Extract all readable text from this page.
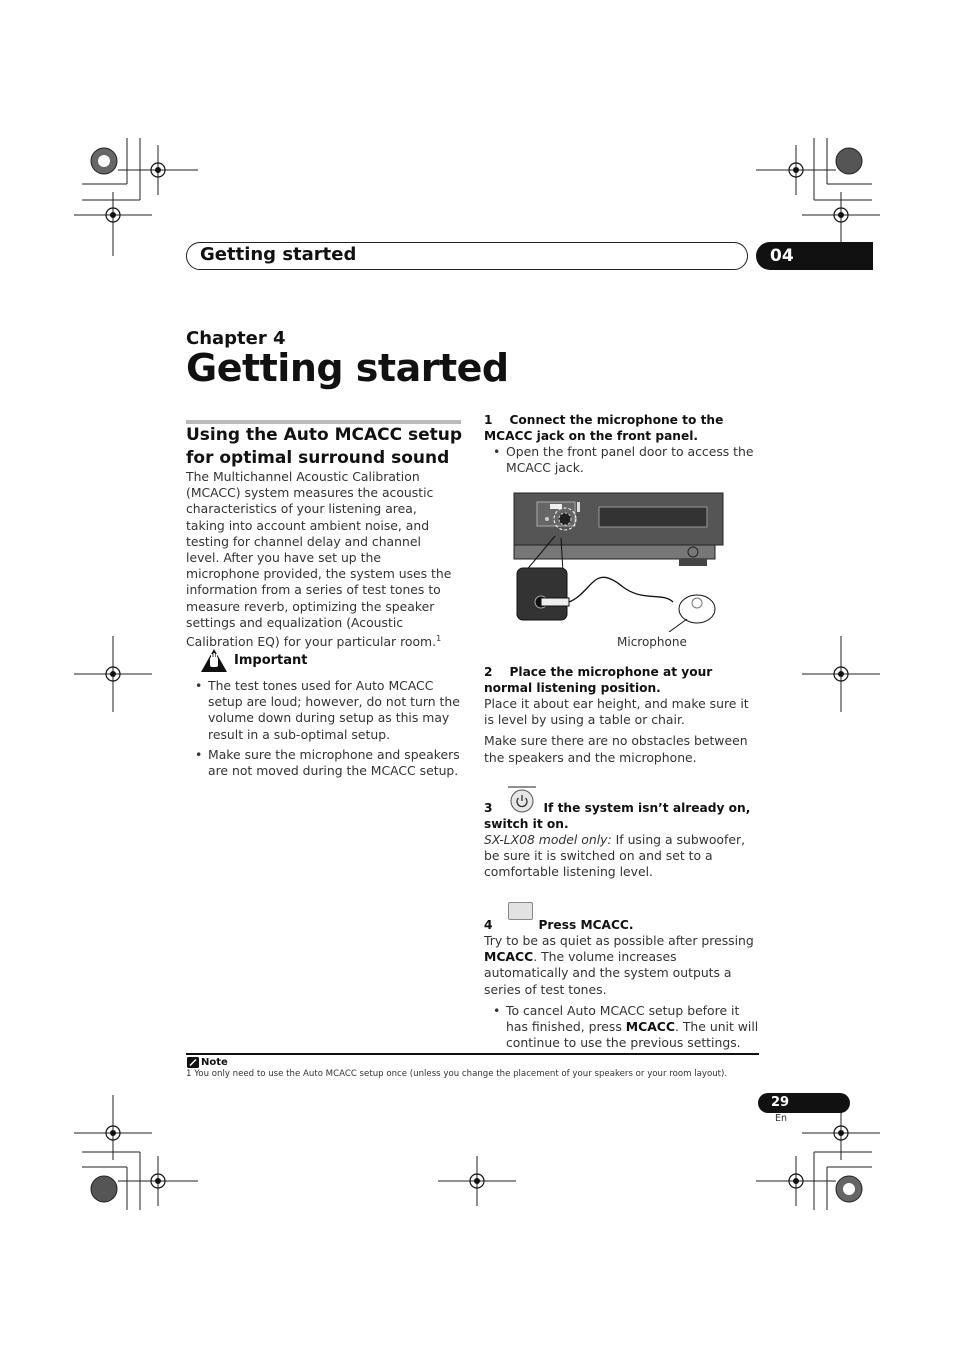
Getting started	04
Chapter 4
Getting started
Using the Auto MCACC setup for optimal surround sound

The Multichannel Acoustic Calibration (MCACC) system measures the acoustic characteristics of your listening area, taking into account ambient noise, and testing for channel delay and channel level. After you have set up the microphone provided, the system uses the information from a series of test tones to measure reverb, optimizing the speaker settings and equalization (Acoustic Calibration EQ) for your particular room.$^1$

Important

• The test tones used for Auto MCACC setup are loud; however, do not turn the volume down during setup as this may result in a sub-optimal setup.

• Make sure the microphone and speakers are not moved during the MCACC setup.

1 Connect the microphone to the MCACC jack on the front panel.

• Open the front panel door to access the MCACC jack.

Microphone

2 Place the microphone at your normal listening position.

Place it about ear height, and make sure it is level by using a table or chair.

Make sure there are no obstacles between the speakers and the microphone.

3	If the system isn’t already on,

switch it on.

SX-LX08 model only: If using a subwoofer, be sure it is switched on and set to a comfortable listening level.

4	Press MCACC.

Try to be as quiet as possible after pressing MCACC. The volume increases automatically and the system outputs a series of test tones.

• To cancel Auto MCACC setup before it has finished, press MCACC. The unit will continue to use the previous settings.

Note
1 You only need to use the Auto MCACC setup once (unless you change the placement of your speakers or your room layout).
29
En
